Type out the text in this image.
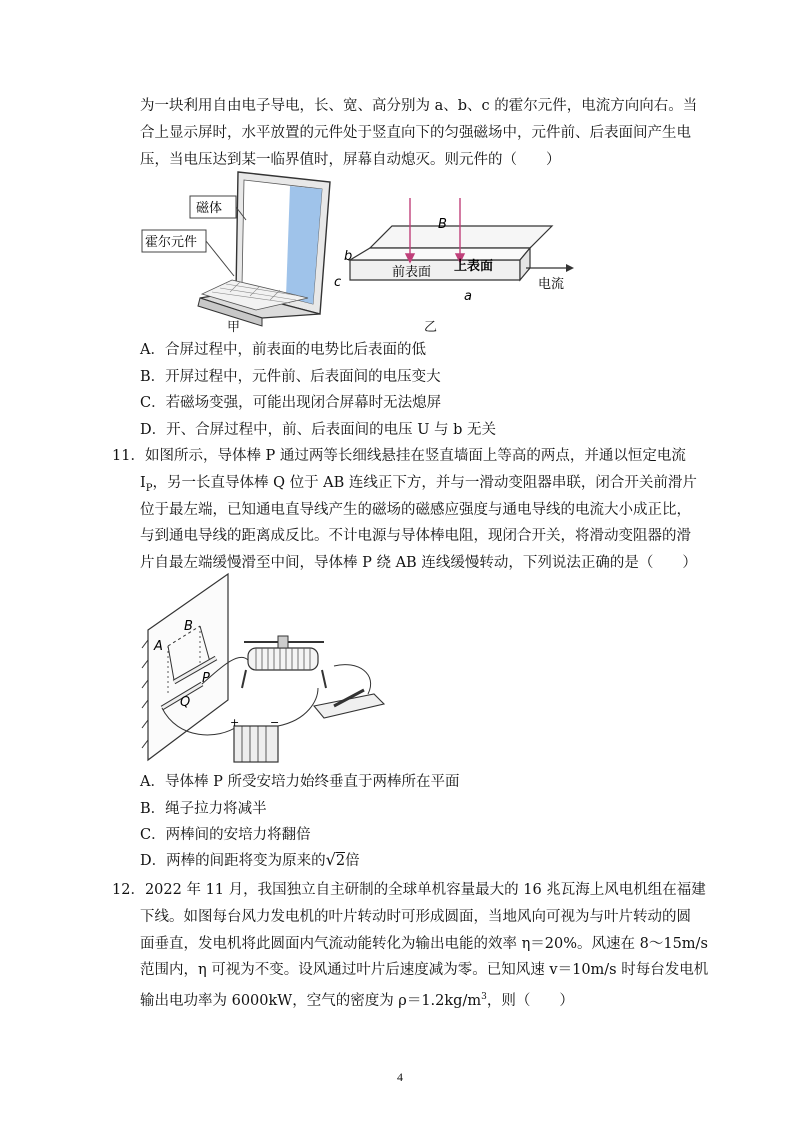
为一块利用自由电子导电，长、宽、高分别为 a、b、c 的霍尔元件，电流方向向右。当
合上显示屏时，水平放置的元件处于竖直向下的匀强磁场中，元件前、后表面间产生电
压，当电压达到某一临界值时，屏幕自动熄灭。则元件的（　　）
磁体
霍尔元件
甲
B
b
c
a
上表面
前表面
电流
乙
A．合屏过程中，前表面的电势比后表面的低
B．开屏过程中，元件前、后表面间的电压变大
C．若磁场变强，可能出现闭合屏幕时无法熄屏
D．开、合屏过程中，前、后表面间的电压 U 与 b 无关
11．如图所示，导体棒 P 通过两等长细线悬挂在竖直墙面上等高的两点，并通以恒定电流
$I_P$，另一长直导体棒 Q 位于 AB 连线正下方，并与一滑动变阻器串联，闭合开关前滑片
位于最左端，已知通电直导线产生的磁场的磁感应强度与通电导线的电流大小成正比，
与到通电导线的距离成反比。不计电源与导体棒电阻，现闭合开关，将滑动变阻器的滑
片自最左端缓慢滑至中间，导体棒 P 绕 AB 连线缓慢转动，下列说法正确的是（　　）
+	−
A
B
P
Q
A．导体棒 P 所受安培力始终垂直于两棒所在平面
B．绳子拉力将减半
C．两棒间的安培力将翻倍
D．两棒的间距将变为原来的√2倍
12．2022 年 11 月，我国独立自主研制的全球单机容量最大的 16 兆瓦海上风电机组在福建
下线。如图每台风力发电机的叶片转动时可形成圆面，当地风向可视为与叶片转动的圆
面垂直，发电机将此圆面内气流动能转化为输出电能的效率 η＝20%。风速在 8～15m/s
范围内，η 可视为不变。设风通过叶片后速度减为零。已知风速 v＝10m/s 时每台发电机
输出电功率为 6000kW，空气的密度为 $\rho=1.2kg/m^3$，则（　　）
4
